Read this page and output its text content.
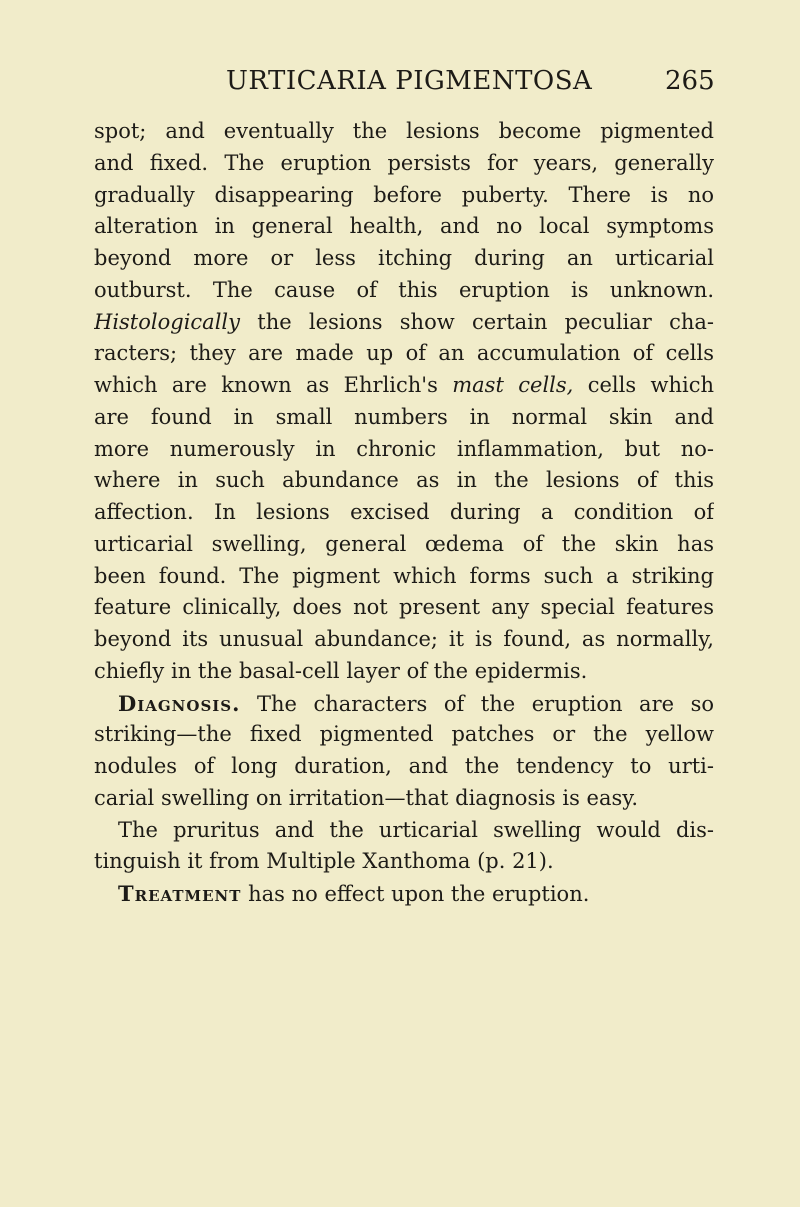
URTICARIA PIGMENTOSA	265
spot; and eventually the lesions become pigmented
and fixed. The eruption persists for years, generally
gradually disappearing before puberty. There is no
alteration in general health, and no local symptoms
beyond more or less itching during an urticarial
outburst. The cause of this eruption is unknown.
Histologically the lesions show certain peculiar cha-
racters; they are made up of an accumulation of cells
which are known as Ehrlich's mast cells, cells which
are found in small numbers in normal skin and
more numerously in chronic inflammation, but no-
where in such abundance as in the lesions of this
affection. In lesions excised during a condition of
urticarial swelling, general œdema of the skin has
been found. The pigment which forms such a striking
feature clinically, does not present any special features
beyond its unusual abundance; it is found, as normally,
chiefly in the basal-cell layer of the epidermis.
Diagnosis. The characters of the eruption are so
striking—the fixed pigmented patches or the yellow
nodules of long duration, and the tendency to urti-
carial swelling on irritation—that diagnosis is easy.
The pruritus and the urticarial swelling would dis-
tinguish it from Multiple Xanthoma (p. 21).
Treatment has no effect upon the eruption.
